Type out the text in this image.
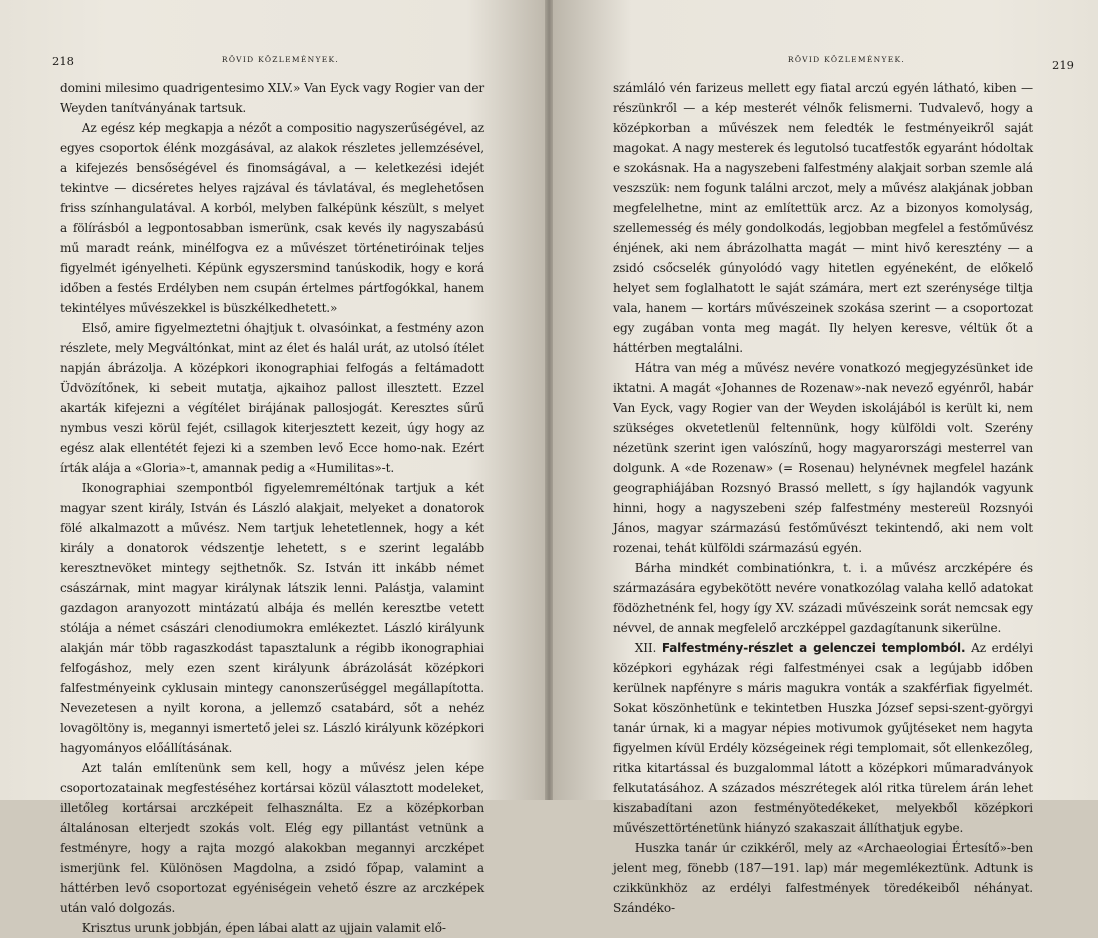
218	RÖVID KÖZLEMÉNYEK.

domini milesimo quadrigentesimo XLV.» Van Eyck vagy Rogier van der Weyden tanítványának tartsuk.

Az egész kép megkapja a nézőt a compositio nagyszerűségével, az egyes csoportok élénk mozgásával, az alakok részletes jellemzésével, a kifejezés bensőségével és finomságával, a — keletkezési idejét tekintve — dicséretes helyes rajzával és távlatával, és meglehetősen friss színhangulatával. A korból, melyben falképünk készült, s melyet a fölírásból a legpontosabban ismerünk, csak kevés ily nagyszabású mű maradt reánk, minélfogva ez a művészet történetiróinak teljes figyelmét igényelheti. Képünk egyszersmind tanúskodik, hogy e korá időben a festés Erdélyben nem csupán értelmes pártfogókkal, hanem tekintélyes művészekkel is büszkélkedhetett.»

Első, amire figyelmeztetni óhajtjuk t. olvasóinkat, a festmény azon részlete, mely Megváltónkat, mint az élet és halál urát, az utolsó ítélet napján ábrázolja. A középkori ikonographiai felfogás a feltámadott Üdvözítőnek, ki sebeit mutatja, ajkaihoz pallost illesztett. Ezzel akarták kifejezni a végítélet birájának pallosjogát. Keresztes sűrű nymbus veszi körül fejét, csillagok kiterjesztett kezeit, úgy hogy az egész alak ellentétét fejezi ki a szemben levő Ecce homo-nak. Ezért írták alája a «Gloria»-t, amannak pedig a «Humilitas»-t.

Ikonographiai szempontból figyelemreméltónak tartjuk a két magyar szent király, István és László alakjait, melyeket a donatorok fölé alkalmazott a művész. Nem tartjuk lehetetlennek, hogy a két király a donatorok védszentje lehetett, s e szerint legalább keresztnevöket mintegy sejthetnők. Sz. István itt inkább német császárnak, mint magyar királynak látszik lenni. Palástja, valamint gazdagon aranyozott mintázatú albája és mellén keresztbe vetett stólája a német császári clenodiumokra emlékeztet. László királyunk alakján már több ragaszkodást tapasztalunk a régibb ikonographiai felfogáshoz, mely ezen szent királyunk ábrázolását középkori falfestményeink cyklusain mintegy canonszerűséggel megállapította. Nevezetesen a nyilt korona, a jellemző csatabárd, sőt a nehéz lovagöltöny is, megannyi ismertető jelei sz. László királyunk középkori hagyományos előállításának.

Azt talán említenünk sem kell, hogy a művész jelen képe csoportozatainak megfestéséhez kortársai közül választott modeleket, illetőleg kortársai arczképeit felhasználta. Ez a középkorban általánosan elterjedt szokás volt. Elég egy pillantást vetnünk a festményre, hogy a rajta mozgó alakokban megannyi arczképet ismerjünk fel. Különösen Magdolna, a zsidó főpap, valamint a háttérben levő csoportozat egyéniségein vehető észre az arczképek után való dolgozás.

Krisztus urunk jobbján, épen lábai alatt az ujjain valamit elő-

RÖVID KÖZLEMÉNYEK.	219

számláló vén farizeus mellett egy fiatal arczú egyén látható, kiben — részünkről — a kép mesterét vélnők felismerni. Tudvalevő, hogy a középkorban a művészek nem feledték le festményeikről saját magokat. A nagy mesterek és legutolsó tucatfestők egyaránt hódoltak e szokásnak. Ha a nagyszebeni falfestmény alakjait sorban szemle alá veszszük: nem fogunk találni arczot, mely a művész alakjának jobban megfelelhetne, mint az említettük arcz. Az a bizonyos komolyság, szellemesség és mély gondolkodás, legjobban megfelel a festőművész énjének, aki nem ábrázolhatta magát — mint hivő keresztény — a zsidó csőcselék gúnyolódó vagy hitetlen egyéneként, de előkelő helyet sem foglalhatott le saját számára, mert ezt szerénysége tiltja vala, hanem — kortárs művészeinek szokása szerint — a csoportozat egy zugában vonta meg magát. Ily helyen keresve, véltük őt a háttérben megtalálni.

Hátra van még a művész nevére vonatkozó megjegyzésünket ide iktatni. A magát «Johannes de Rozenaw»-nak nevező egyénről, habár Van Eyck, vagy Rogier van der Weyden iskolájából is került ki, nem szükséges okvetetlenül feltennünk, hogy külföldi volt. Szerény nézetünk szerint igen valószínű, hogy magyarországi mesterrel van dolgunk. A «de Rozenaw» (= Rosenau) helynévnek megfelel hazánk geographiájában Rozsnyó Brassó mellett, s így hajlandók vagyunk hinni, hogy a nagyszebeni szép falfestmény mestereül Rozsnyói János, magyar származású festőművészt tekintendő, aki nem volt rozenai, tehát külföldi származású egyén.

Bárha mindkét combinatiónkra, t. i. a művész arczképére és származására egybekötött nevére vonatkozólag valaha kellő adatokat födözhetnénk fel, hogy így XV. századi művészeink sorát nemcsak egy névvel, de annak megfelelő arczképpel gazdagítanunk sikerülne.

XII. Falfestmény-részlet a gelenczei templomból. Az erdélyi középkori egyházak régi falfestményei csak a legújabb időben kerülnek napfényre s máris magukra vonták a szakférfiak figyelmét. Sokat köszönhetünk e tekintetben Huszka József sepsi-szent-györgyi tanár úrnak, ki a magyar népies motivumok gyűjtéseket nem hagyta figyelmen kívül Erdély községeinek régi templomait, sőt ellenkezőleg, ritka kitartással és buzgalommal látott a középkori műmaradványok felkutatásához. A százados mészrétegek alól ritka türelem árán lehet kiszabadítani azon festményötedékeket, melyekből középkori művészettörténetünk hiányzó szakaszait állíthatjuk egybe.

Huszka tanár úr czikkéről, mely az «Archaeologiai Értesítő»-ben jelent meg, fönebb (187—191. lap) már megemlékeztünk. Adtunk is czikkünkhöz az erdélyi falfestmények töredékeiből néhányat. Szándéko-
